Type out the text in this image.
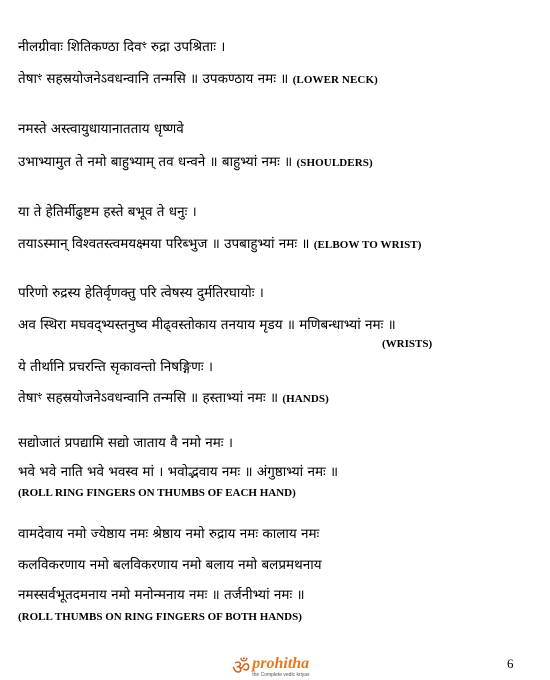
नीलग्रीवाः शितिकण्ठा दिवꣳ रुद्रा उपश्रिताः ।
तेषाꣳ सहस्रयोजनेऽवधन्वानि तन्मसि ॥ उपकण्ठाय नमः ॥ (LOWER NECK)
नमस्ते अस्त्वायुधायानातताय धृष्णवे
उभाभ्यामुत ते नमो बाहुभ्याम् तव धन्वने ॥ बाहुभ्यां नमः ॥ (SHOULDERS)
या ते हेतिर्मीढुष्टम हस्ते बभूव ते धनुः ।
तयाऽस्मान् विश्वतस्त्वमयक्ष्मया परिब्भुज ॥ उपबाहुभ्यां नमः ॥ (ELBOW TO WRIST)
परिणो रुद्रस्य हेतिर्वृणक्तु परि त्वेषस्य दुर्मतिरघायोः ।
अव स्थिरा मघवद्भ्यस्तनुष्व मीढ्वस्तोकाय तनयाय मृडय ॥ मणिबन्धाभ्यां नमः ॥
(WRISTS)
ये तीर्थानि प्रचरन्ति सृकावन्तो निषङ्गिणः ।
तेषाꣳ सहस्रयोजनेऽवधन्वानि तन्मसि ॥ हस्ताभ्यां नमः ॥ (HANDS)
सद्योजातं प्रपद्यामि सद्यो जाताय वै नमो नमः ।
भवे भवे नाति भवे भवस्व मां । भवोद्भवाय नमः ॥ अंगुष्ठाभ्यां नमः ॥
(ROLL RING FINGERS ON THUMBS OF EACH HAND)
वामदेवाय नमो ज्येष्ठाय नमः श्रेष्ठाय नमो रुद्राय नमः कालाय नमः
कलविकरणाय नमो बलविकरणाय नमो बलाय नमो बलप्रमथनाय
नमस्सर्वभूतदमनाय नमो मनोन्मनाय नमः ॥ तर्जनीभ्यां नमः ॥
(ROLL THUMBS ON RING FINGERS OF BOTH HANDS)
ॐ prohitha
the Complete vedic kriyas
6
